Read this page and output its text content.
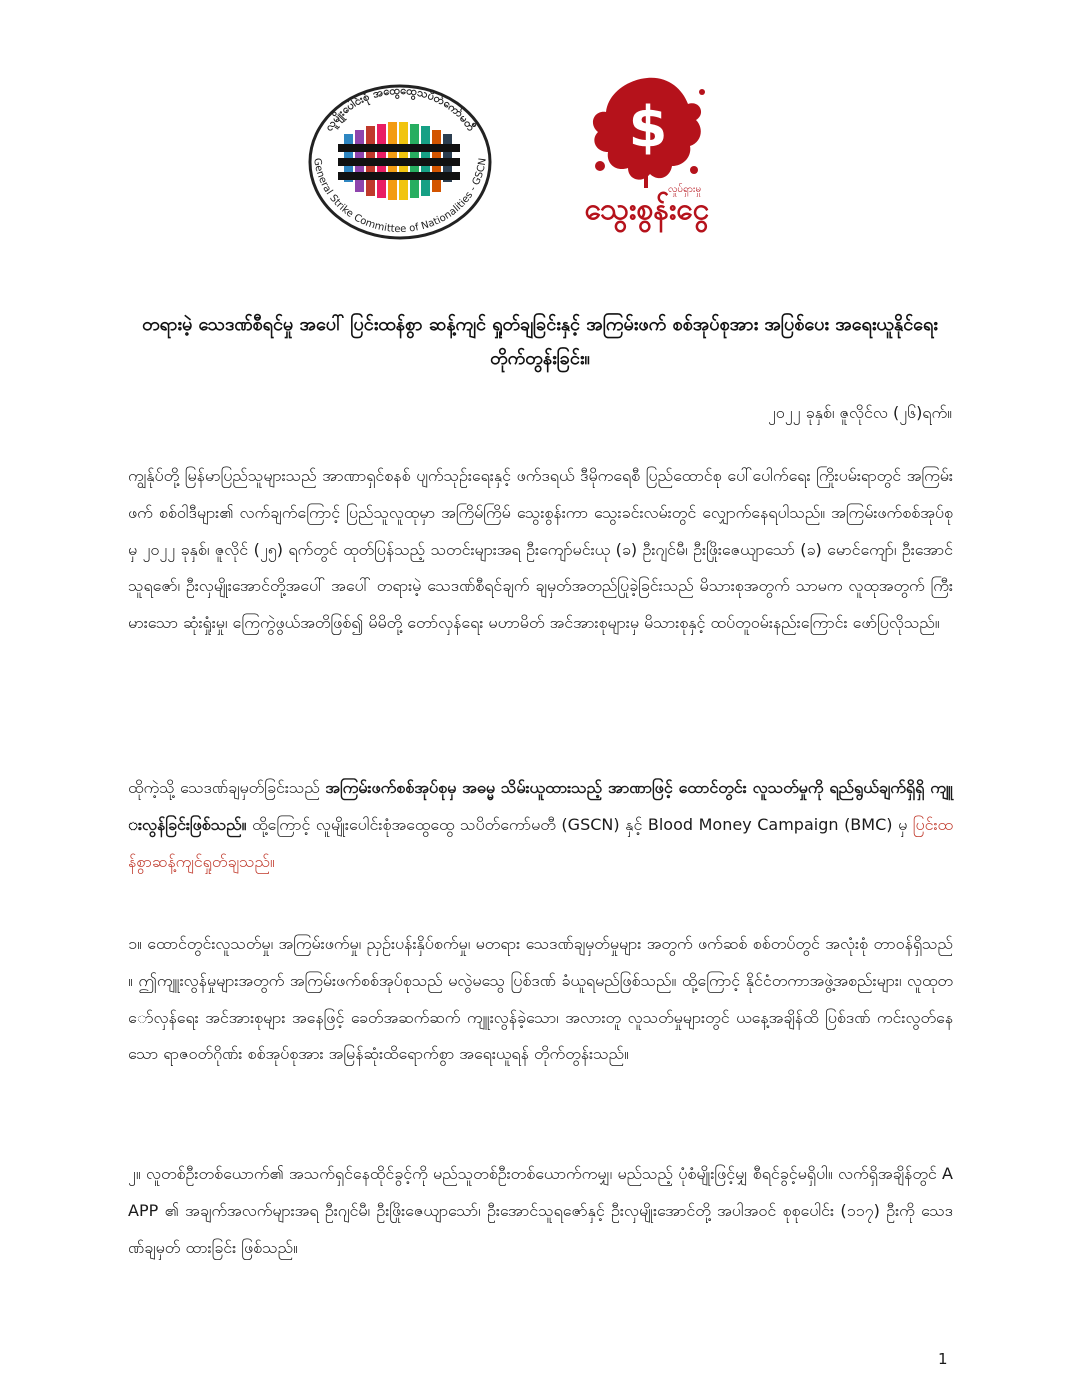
လူမျိုးပေါင်းစုံ အထွေထွေသပိတ်ကော်မတီ
General Strike Committee of Nationalities - GSCN
$
လှုပ်ရှားမှု
သွေးစွန်းငွေ
တရားမဲ့ သေဒဏ်စီရင်မှု အပေါ် ပြင်းထန်စွာ ဆန့်ကျင် ရှုတ်ချခြင်းနှင့် အကြမ်းဖက် စစ်အုပ်စုအား အပြစ်ပေး အရေးယူနိုင်ရေး တိုက်တွန်းခြင်း။
၂၀၂၂ ခုနှစ်၊ ဇူလိုင်လ (၂၆)ရက်။
ကျွန်ုပ်တို့ မြန်မာပြည်သူများသည် အာဏာရှင်စနစ် ပျက်သုဉ်းရေးနှင့် ဖက်ဒရယ် ဒီမိုကရေစီ ပြည်ထောင်စု ပေါ်ပေါက်ရေး ကြိုးပမ်းရာတွင် အကြမ်းဖက် စစ်ဝါဒီများ၏ လက်ချက်ကြောင့် ပြည်သူလူထုမှာ အကြိမ်ကြိမ် သွေးစွန်းကာ သွေးခင်းလမ်းတွင် လျှောက်နေရပါသည်။ အကြမ်းဖက်စစ်အုပ်စုမှ ၂၀၂၂ ခုနှစ်၊ ဇူလိုင် (၂၅) ရက်တွင် ထုတ်ပြန်သည့် သတင်းများအရ ဦးကျော်မင်းယု (ခ) ဦးဂျင်မီ၊ ဦးဖြိုးဇေယျာသော် (ခ) မောင်ကျော်၊ ဦးအောင်သူရဇော်၊ ဦးလှမျိုးအောင်တို့အပေါ် အပေါ် တရားမဲ့ သေဒဏ်စီရင်ချက် ချမှတ်အတည်ပြုခဲ့ခြင်းသည် မိသားစုအတွက် သာမက လူထုအတွက် ကြီးမားသော ဆုံးရှုံးမှု၊ ကြေကွဲဖွယ်အတိဖြစ်၍ မိမိတို့ တော်လှန်ရေး မဟာမိတ် အင်အားစုများမှ မိသားစုနှင့် ထပ်တူဝမ်းနည်းကြောင်း ဖော်ပြလိုသည်။
ထိုကဲ့သို့ သေဒဏ်ချမှတ်ခြင်းသည် အကြမ်းဖက်စစ်အုပ်စုမှ အဓမ္မ သိမ်းယူထားသည့် အာဏာဖြင့် ထောင်တွင်း လူသတ်မှုကို ရည်ရွယ်ချက်ရှိရှိ ကျူးလွန်ခြင်းဖြစ်သည်။ ထို့ကြောင့် လူမျိုးပေါင်းစုံအထွေထွေ သပိတ်ကော်မတီ (GSCN) နှင့် Blood Money Campaign (BMC) မှ ပြင်းထန်စွာဆန့်ကျင်ရှုတ်ချသည်။
၁။ ထောင်တွင်းလူသတ်မှု၊ အကြမ်းဖက်မှု၊ ညှဉ်းပန်းနှိပ်စက်မှု၊ မတရား သေဒဏ်ချမှတ်မှုများ အတွက် ဖက်ဆစ် စစ်တပ်တွင် အလုံးစုံ တာဝန်ရှိသည်။ ဤကျူးလွန်မှုများအတွက် အကြမ်းဖက်စစ်အုပ်စုသည် မလွဲမသွေ ပြစ်ဒဏ် ခံယူရမည်ဖြစ်သည်။ ထို့ကြောင့် နိုင်ငံတကာအဖွဲ့အစည်းများ၊ လူထုတော်လှန်ရေး အင်အားစုများ အနေဖြင့် ခေတ်အဆက်ဆက် ကျူးလွန်ခဲ့သော၊ အလားတူ လူသတ်မှုများတွင် ယနေ့အချိန်ထိ ပြစ်ဒဏ် ကင်းလွတ်နေသော ရာဇဝတ်ဂိုဏ်း စစ်အုပ်စုအား အမြန်ဆုံးထိရောက်စွာ အရေးယူရန် တိုက်တွန်းသည်။
၂။ လူတစ်ဦးတစ်ယောက်၏ အသက်ရှင်နေထိုင်ခွင့်ကို မည်သူတစ်ဦးတစ်ယောက်ကမျှ၊ မည်သည့် ပုံစံမျိုးဖြင့်မျှ စီရင်ခွင့်မရှိပါ။ လက်ရှိအချိန်တွင် AAPP ၏ အချက်အလက်များအရ ဦးဂျင်မီ၊ ဦးဖြိုးဇေယျာသော်၊ ဦးအောင်သူရဇော်နှင့် ဦးလှမျိုးအောင်တို့ အပါအဝင် စုစုပေါင်း (၁၁၇) ဦးကို သေဒဏ်ချမှတ် ထားခြင်း ဖြစ်သည်။
1
